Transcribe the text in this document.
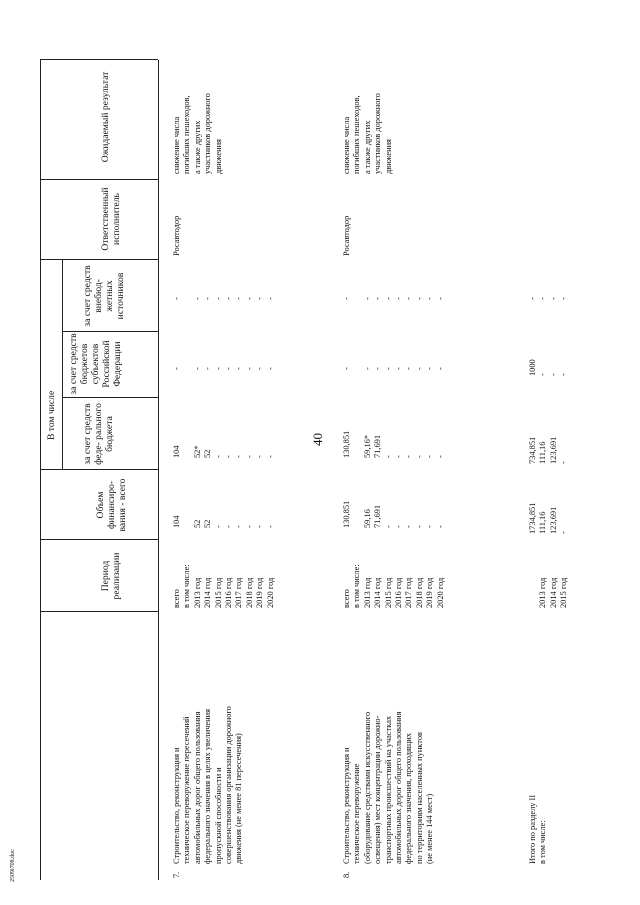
40
2509i708.doc
Период реализации
Объем финансиро- вания - всего
В том числе	за счет средств феде- рального бюджета
за счет средств бюджетов субъектов Российской Федерации
за счет средств внебюд- жетных источников
Ответственный исполнитель
Ожидаемый результат
7.
Строительство, реконструкция и техническое переворужение пересечений автомобильных дорог общего пользования федерального значения в целях увеличения пропускной способности и совершенствования организации дорожного движения (не менее 81 пересечения)
всего
104
104
-
-
в том числе: 2013 год
52
52*
-
-
2014 год
52
52
-
-
2015 год
-
-
-
-
2016 год
-
-
-
-
2017 год
-
-
-
-
2018 год
-
-
-
-
2019 год
-
-
-
-
2020 год
-
-
-
-
Росавтодор
снижение числа погибших пешеходов, а также других участников дорожного движения
8.
Строительство, реконструкция и техническое переворужение (оборудование средствами искусственного освещения) мест концентрации дорожно- транспортных происшествий на участках автомобильных дорог общего пользования федерального значения, проходящих по территориям населенных пунктов (не менее 144 мест)
всего
130,851
130,851
-
-
в том числе: 2013 год
59,16
59,16*
-
-
2014 год
71,691
71,691
-
-
2015 год
-
-
-
-
2016 год
-
-
-
-
2017 год
-
-
-
-
2018 год
-
-
-
-
2019 год
-
-
-
-
2020 год
-
-
-
-
Росавтодор
снижение числа погибших пешеходов, а также других участников дорожного движения
Итого по разделу II в том числе:
1734,851
734,851
1000
-
2013 год
111,16
111,16
-
-
2014 год
123,691
123,691
-
-
2015 год
-
-
-
-
